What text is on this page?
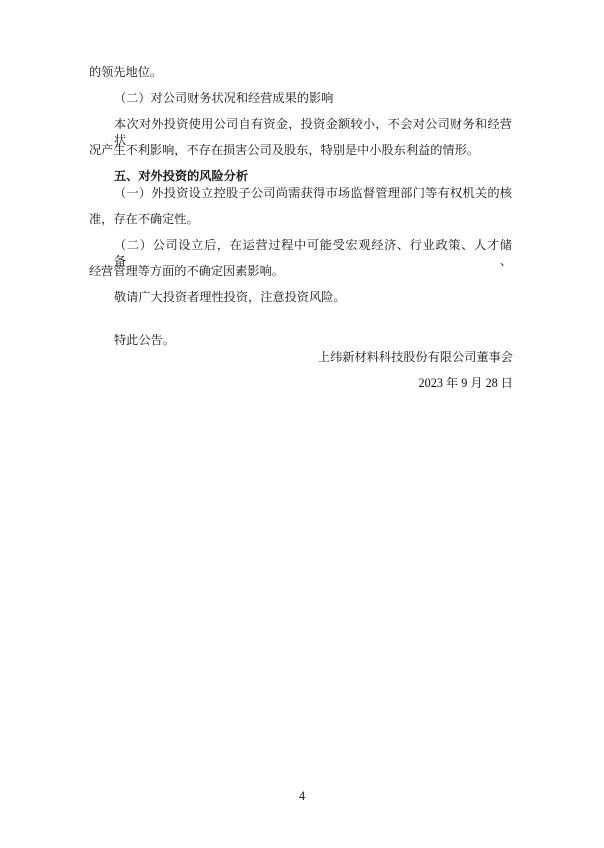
的领先地位。
（二）对公司财务状况和经营成果的影响
本次对外投资使用公司自有资金，投资金额较小，不会对公司财务和经营状
况产生不利影响，不存在损害公司及股东，特别是中小股东利益的情形。
五、对外投资的风险分析
（一）外投资设立控股子公司尚需获得市场监督管理部门等有权机关的核
准，存在不确定性。
（二）公司设立后，在运营过程中可能受宏观经济、行业政策、人才储备、
经营管理等方面的不确定因素影响。
敬请广大投资者理性投资，注意投资风险。
特此公告。
上纬新材料科技股份有限公司董事会
2023 年 9 月 28 日
4
